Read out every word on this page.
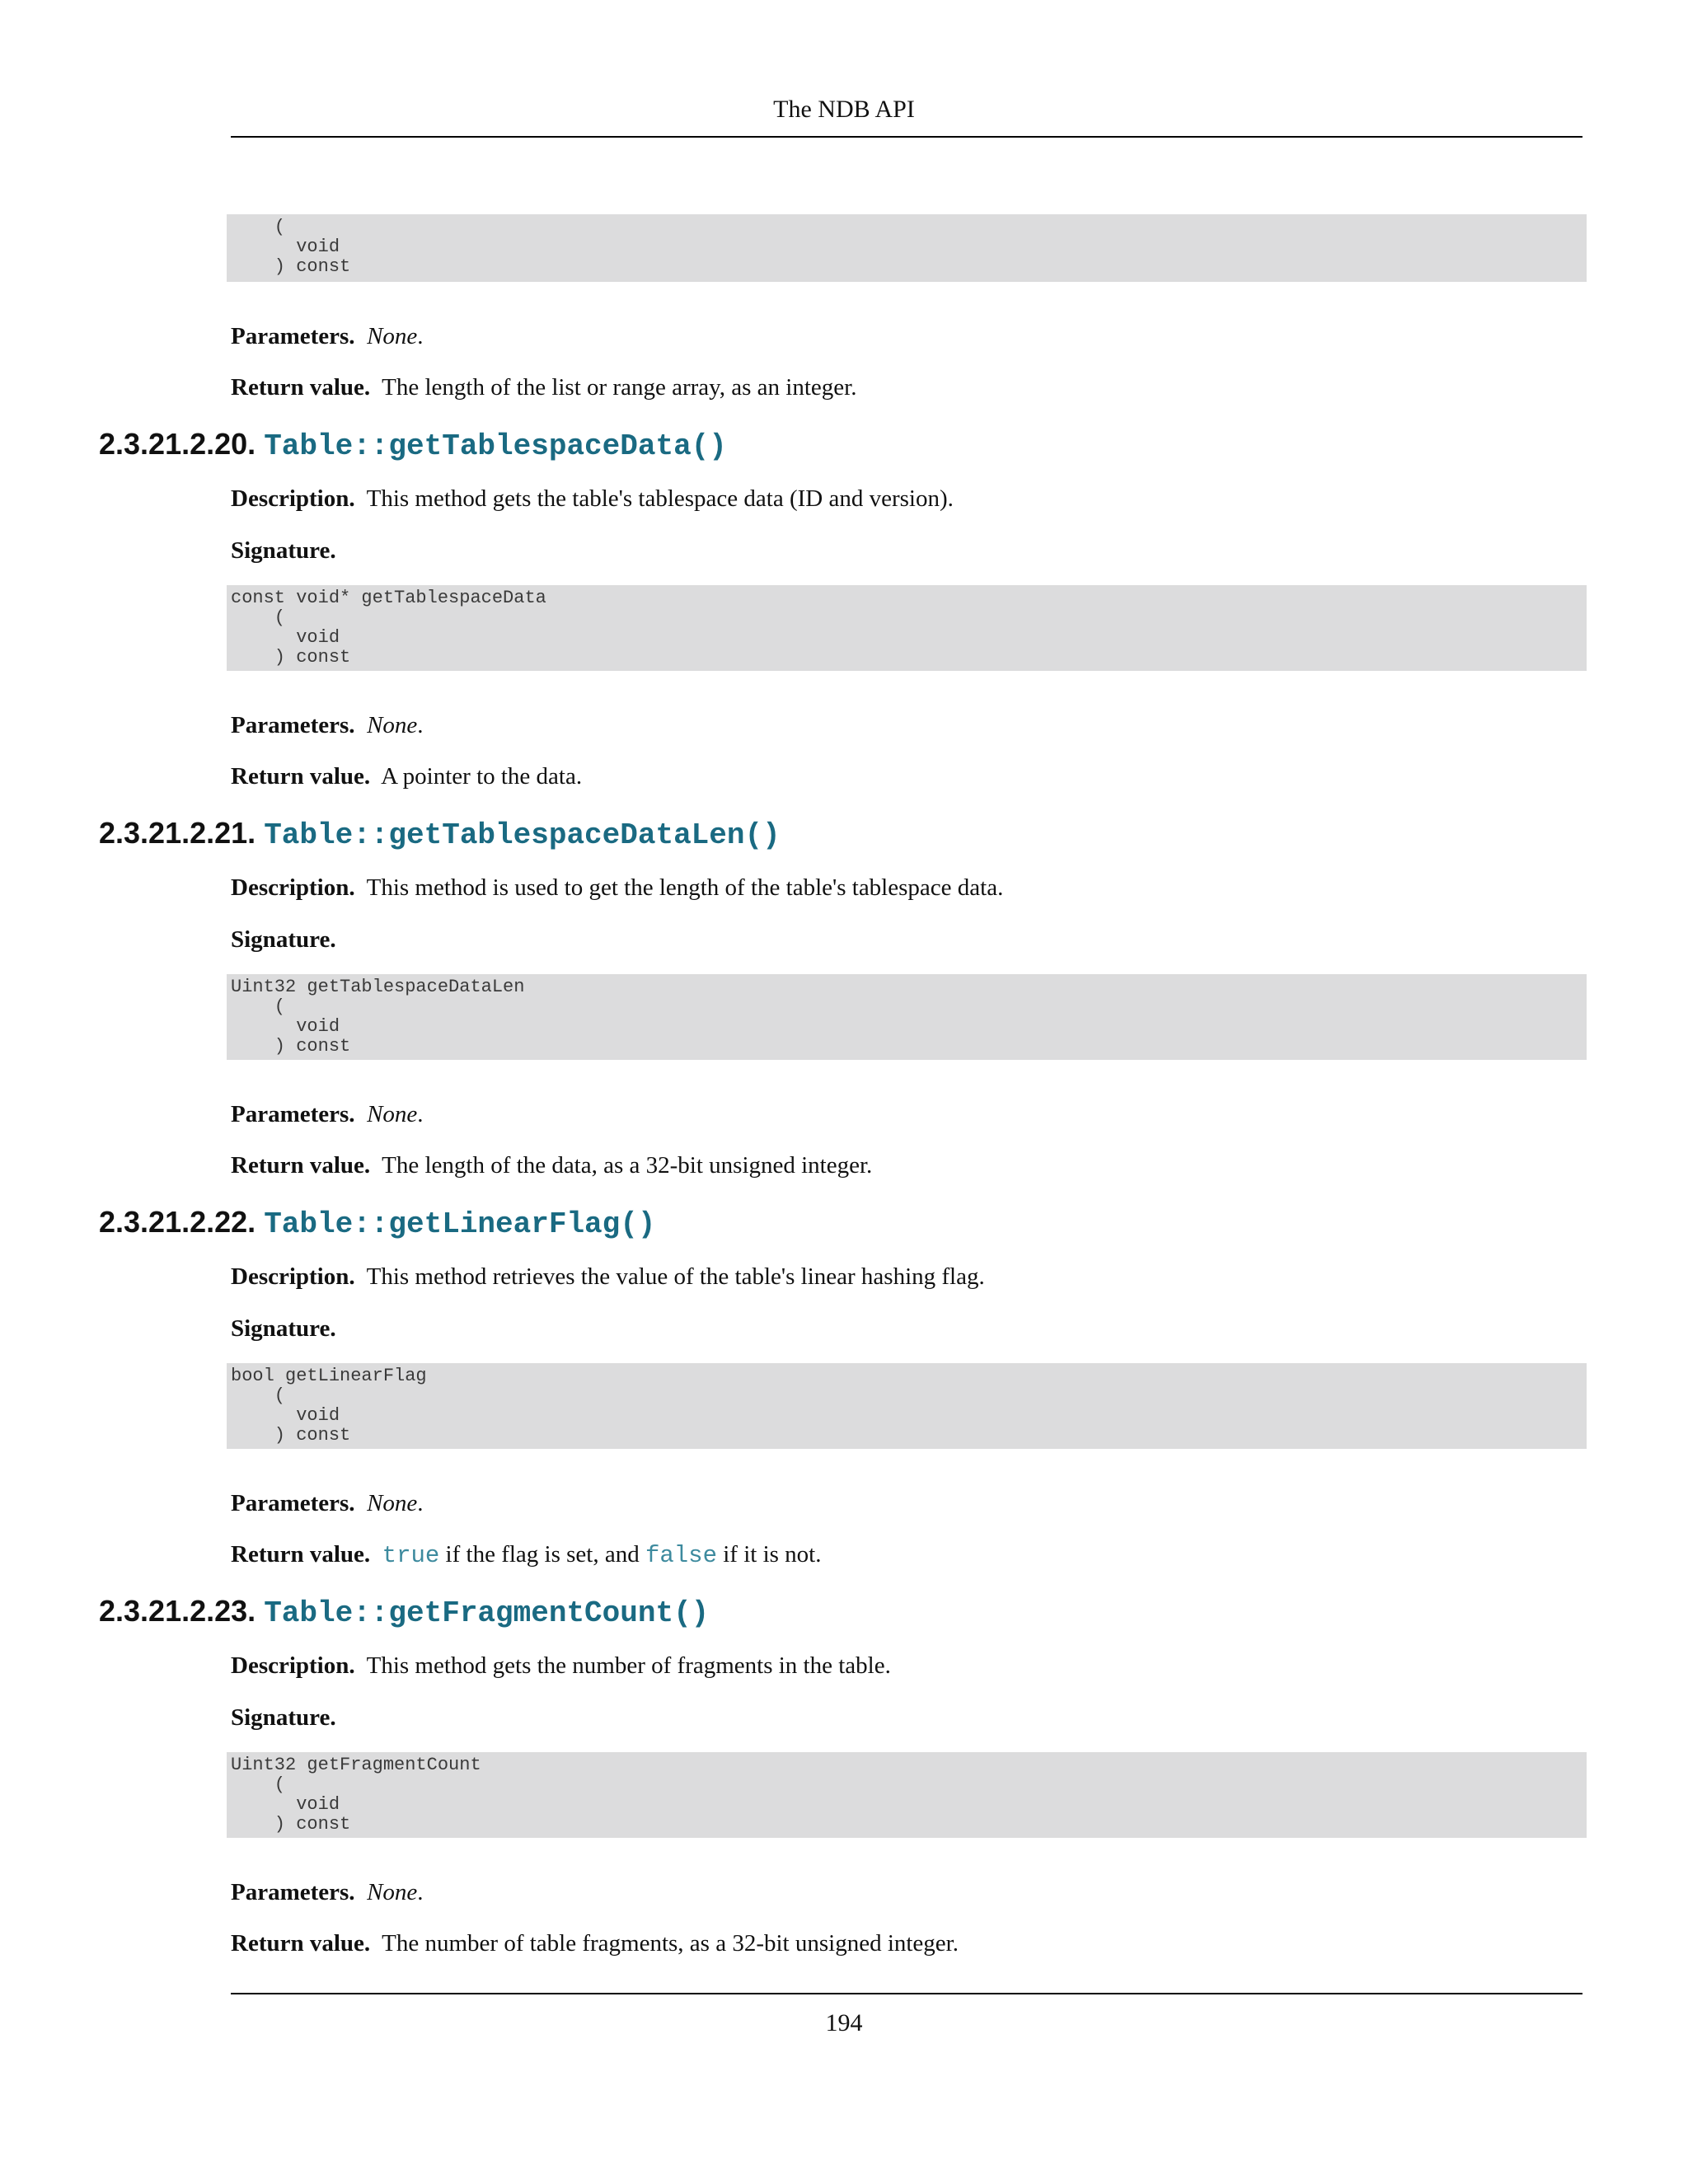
The NDB API
(
void
) const
Parameters. None.
Return value. The length of the list or range array, as an integer.
2.3.21.2.20. Table::getTablespaceData()
Description. This method gets the table's tablespace data (ID and version).
Signature.
const void* getTablespaceData
(
void
) const
Parameters. None.
Return value. A pointer to the data.
2.3.21.2.21. Table::getTablespaceDataLen()
Description. This method is used to get the length of the table's tablespace data.
Signature.
Uint32 getTablespaceDataLen
(
void
) const
Parameters. None.
Return value. The length of the data, as a 32-bit unsigned integer.
2.3.21.2.22. Table::getLinearFlag()
Description. This method retrieves the value of the table's linear hashing flag.
Signature.
bool getLinearFlag
(
void
) const
Parameters. None.
Return value. true if the flag is set, and false if it is not.
2.3.21.2.23. Table::getFragmentCount()
Description. This method gets the number of fragments in the table.
Signature.
Uint32 getFragmentCount
(
void
) const
Parameters. None.
Return value. The number of table fragments, as a 32-bit unsigned integer.
194
